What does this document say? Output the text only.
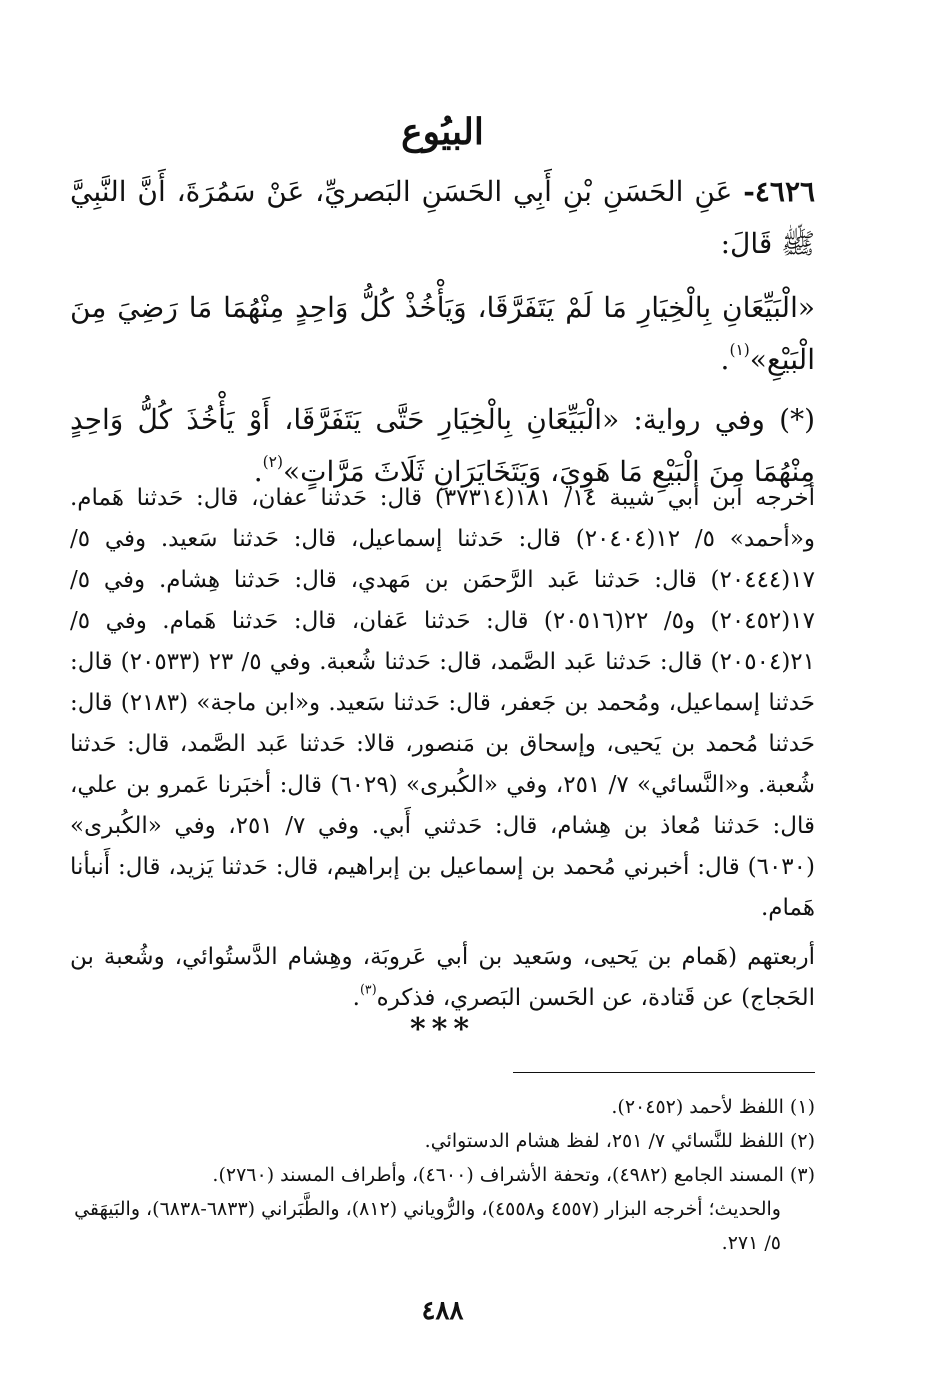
البيُوع

٤٦٢٦- عَنِ الحَسَنِ بْنِ أَبِي الحَسَنِ البَصريِّ، عَنْ سَمُرَةَ، أَنَّ النَّبِيَّ ﷺ قَالَ:

«الْبَيِّعَانِ بِالْخِيَارِ مَا لَمْ يَتَفَرَّقَا، وَيَأْخُذْ كُلُّ وَاحِدٍ مِنْهُمَا مَا رَضِيَ مِنَ الْبَيْعِ»$^{(١)}$.

(*) وفي رواية: «الْبَيِّعَانِ بِالْخِيَارِ حَتَّى يَتَفَرَّقَا، أَوْ يَأْخُذَ كُلُّ وَاحِدٍ مِنْهُمَا مِنَ الْبَيْعِ مَا هَوِيَ، وَيَتَخَايَرَانِ ثَلَاثَ مَرَّاتٍ»$^{(٢)}$.

أخرجه ابن أبي شيبة ١٤/ ١٨١(٣٧٣١٤) قال: حَدثنا عفان، قال: حَدثنا هَمام. و«أحمد» ٥/ ١٢(٢٠٤٠٤) قال: حَدثنا إسماعيل، قال: حَدثنا سَعيد. وفي ٥/ ١٧(٢٠٤٤٤) قال: حَدثنا عَبد الرَّحمَن بن مَهدي، قال: حَدثنا هِشام. وفي ٥/ ١٧(٢٠٤٥٢) و٥/ ٢٢(٢٠٥١٦) قال: حَدثنا عَفان، قال: حَدثنا هَمام. وفي ٥/ ٢١(٢٠٥٠٤) قال: حَدثنا عَبد الصَّمد، قال: حَدثنا شُعبة. وفي ٥/ ٢٣ (٢٠٥٣٣) قال: حَدثنا إسماعيل، ومُحمد بن جَعفر، قال: حَدثنا سَعيد. و«ابن ماجة» (٢١٨٣) قال: حَدثنا مُحمد بن يَحيى، وإسحاق بن مَنصور، قالا: حَدثنا عَبد الصَّمد، قال: حَدثنا شُعبة. و«النَّسائي» ٧/ ٢٥١، وفي «الكُبرى» (٦٠٢٩) قال: أخبَرنا عَمرو بن علي، قال: حَدثنا مُعاذ بن هِشام، قال: حَدثني أَبي. وفي ٧/ ٢٥١، وفي «الكُبرى» (٦٠٣٠) قال: أخبرني مُحمد بن إسماعيل بن إبراهيم، قال: حَدثنا يَزيد، قال: أَنبأنا هَمام.

أربعتهم (هَمام بن يَحيى، وسَعيد بن أبي عَروبَة، وهِشام الدَّستُوائي، وشُعبة بن الحَجاج) عن قَتادة، عن الحَسن البَصري، فذكره$^{(٣)}$.

***

(١) اللفظ لأحمد (٢٠٤٥٢).

(٢) اللفظ للنَّسائي ٧/ ٢٥١، لفظ هشام الدستوائي.

(٣) المسند الجامع (٤٩٨٢)، وتحفة الأشراف (٤٦٠٠)، وأطراف المسند (٢٧٦٠).

والحديث؛ أخرجه البزار (٤٥٥٧ و٤٥٥٨)، والرُّوياني (٨١٢)، والطَّبَراني (٦٨٣٣-٦٨٣٨)، والبَيهَقي ٥/ ٢٧١.

٤٨٨
